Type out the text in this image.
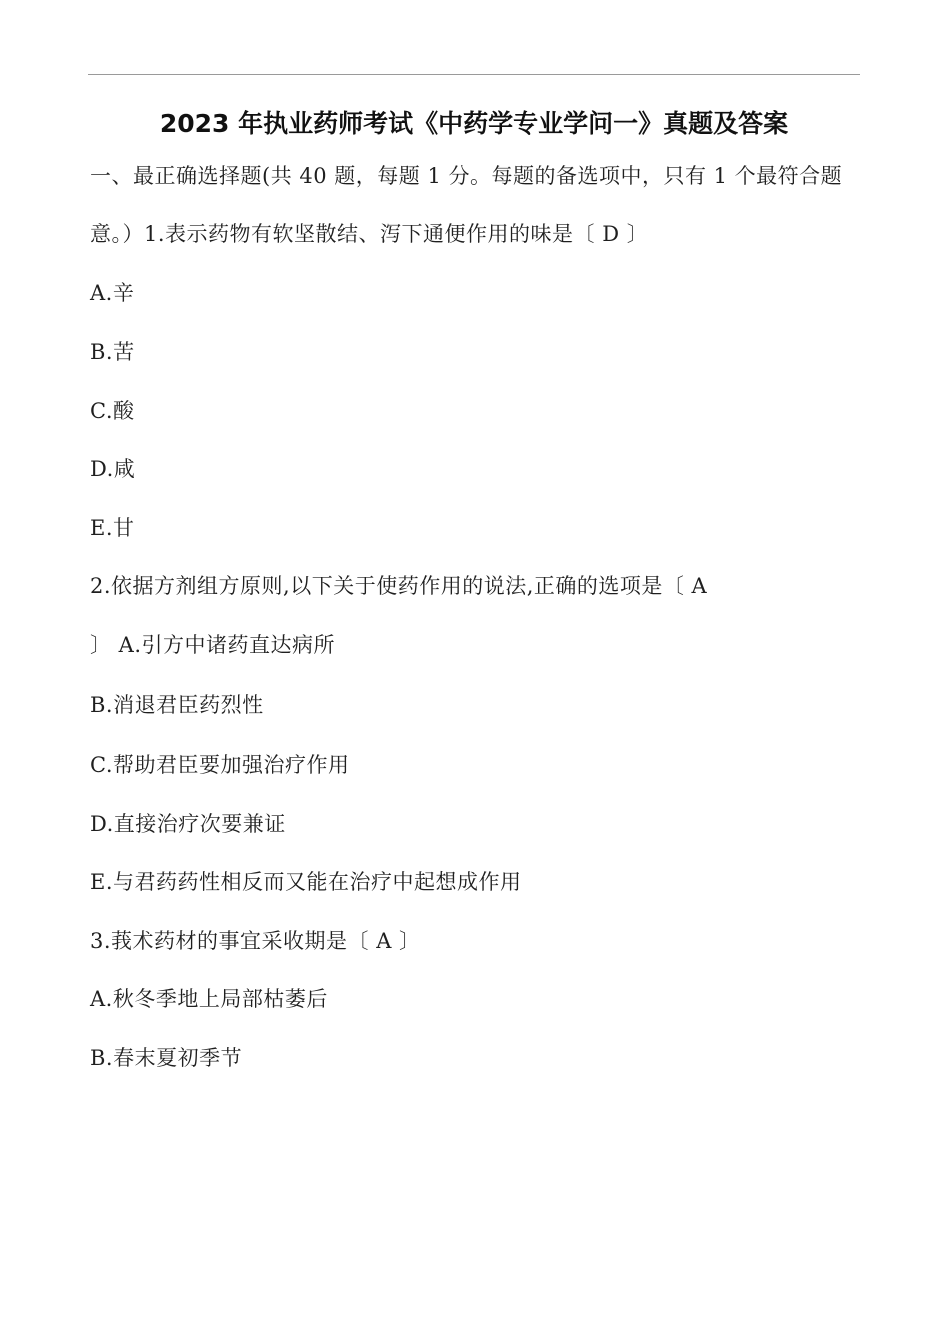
2023 年执业药师考试《中药学专业学问一》真题及答案
一、最正确选择题(共 40 题，每题 1 分。每题的备选项中，只有 1 个最符合题
意。）1.表示药物有软坚散结、泻下通便作用的味是〔 D 〕
A.辛
B.苦
C.酸
D.咸
E.甘
2.依据方剂组方原则,以下关于使药作用的说法,正确的选项是〔 A
〕 A.引方中诸药直达病所
B.消退君臣药烈性
C.帮助君臣要加强治疗作用
D.直接治疗次要兼证
E.与君药药性相反而又能在治疗中起想成作用
3.莪术药材的事宜采收期是〔 A 〕
A.秋冬季地上局部枯萎后
B.春末夏初季节
